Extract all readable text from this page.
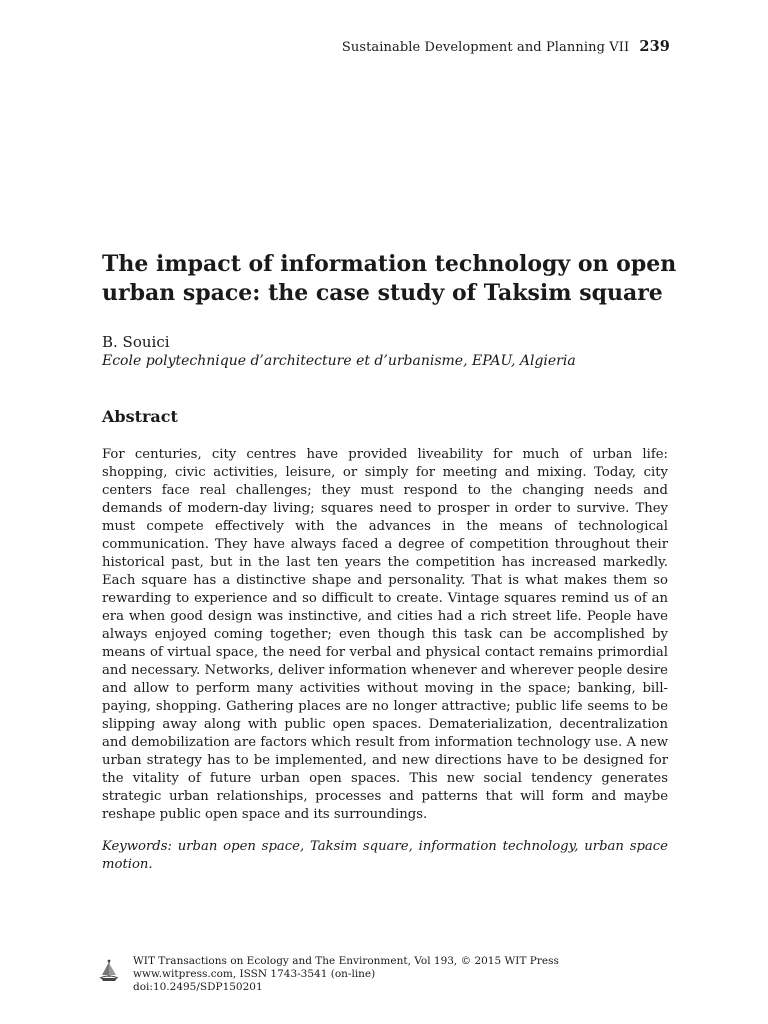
Sustainable Development and Planning VII 239
The impact of information technology on open urban space: the case study of Taksim square
B. Souici
Ecole polytechnique d’architecture et d’urbanisme, EPAU, Algieria
Abstract

For centuries, city centres have provided liveability for much of urban life: shopping, civic activities, leisure, or simply for meeting and mixing. Today, city centers face real challenges; they must respond to the changing needs and demands of modern-day living; squares need to prosper in order to survive. They must compete effectively with the advances in the means of technological communication. They have always faced a degree of competition throughout their historical past, but in the last ten years the competition has increased markedly. Each square has a distinctive shape and personality. That is what makes them so rewarding to experience and so difficult to create. Vintage squares remind us of an era when good design was instinctive, and cities had a rich street life. People have always enjoyed coming together; even though this task can be accomplished by means of virtual space, the need for verbal and physical contact remains primordial and necessary. Networks, deliver information whenever and wherever people desire and allow to perform many activities without moving in the space; banking, bill-paying, shopping. Gathering places are no longer attractive; public life seems to be slipping away along with public open spaces. Dematerialization, decentralization and demobilization are factors which result from information technology use. A new urban strategy has to be implemented, and new directions have to be designed for the vitality of future urban open spaces. This new social tendency generates strategic urban relationships, processes and patterns that will form and maybe reshape public open space and its surroundings.

Keywords: urban open space, Taksim square, information technology, urban space motion.

WIT Transactions on Ecology and The Environment, Vol 193, © 2015 WIT Press
www.witpress.com, ISSN 1743-3541 (on-line)
doi:10.2495/SDP150201
